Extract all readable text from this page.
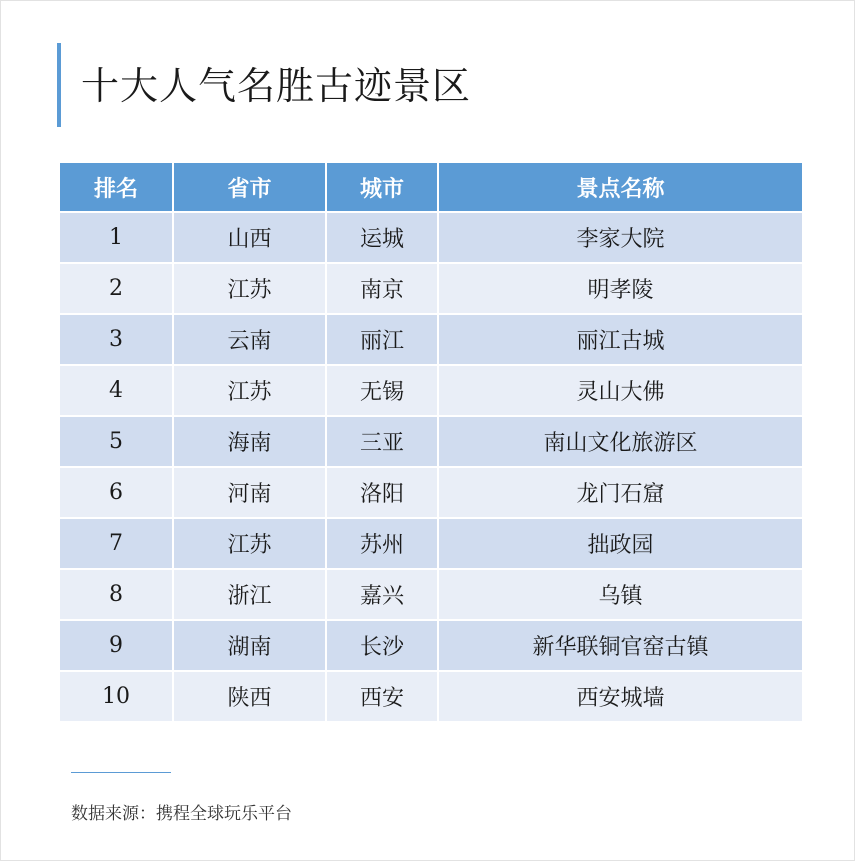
十大人气名胜古迹景区
排名	省市	城市	景点名称
1	山西	运城	李家大院
2	江苏	南京	明孝陵
3	云南	丽江	丽江古城
4	江苏	无锡	灵山大佛
5	海南	三亚	南山文化旅游区
6	河南	洛阳	龙门石窟
7	江苏	苏州	拙政园
8	浙江	嘉兴	乌镇
9	湖南	长沙	新华联铜官窑古镇
10	陕西	西安	西安城墙
数据来源：携程全球玩乐平台
